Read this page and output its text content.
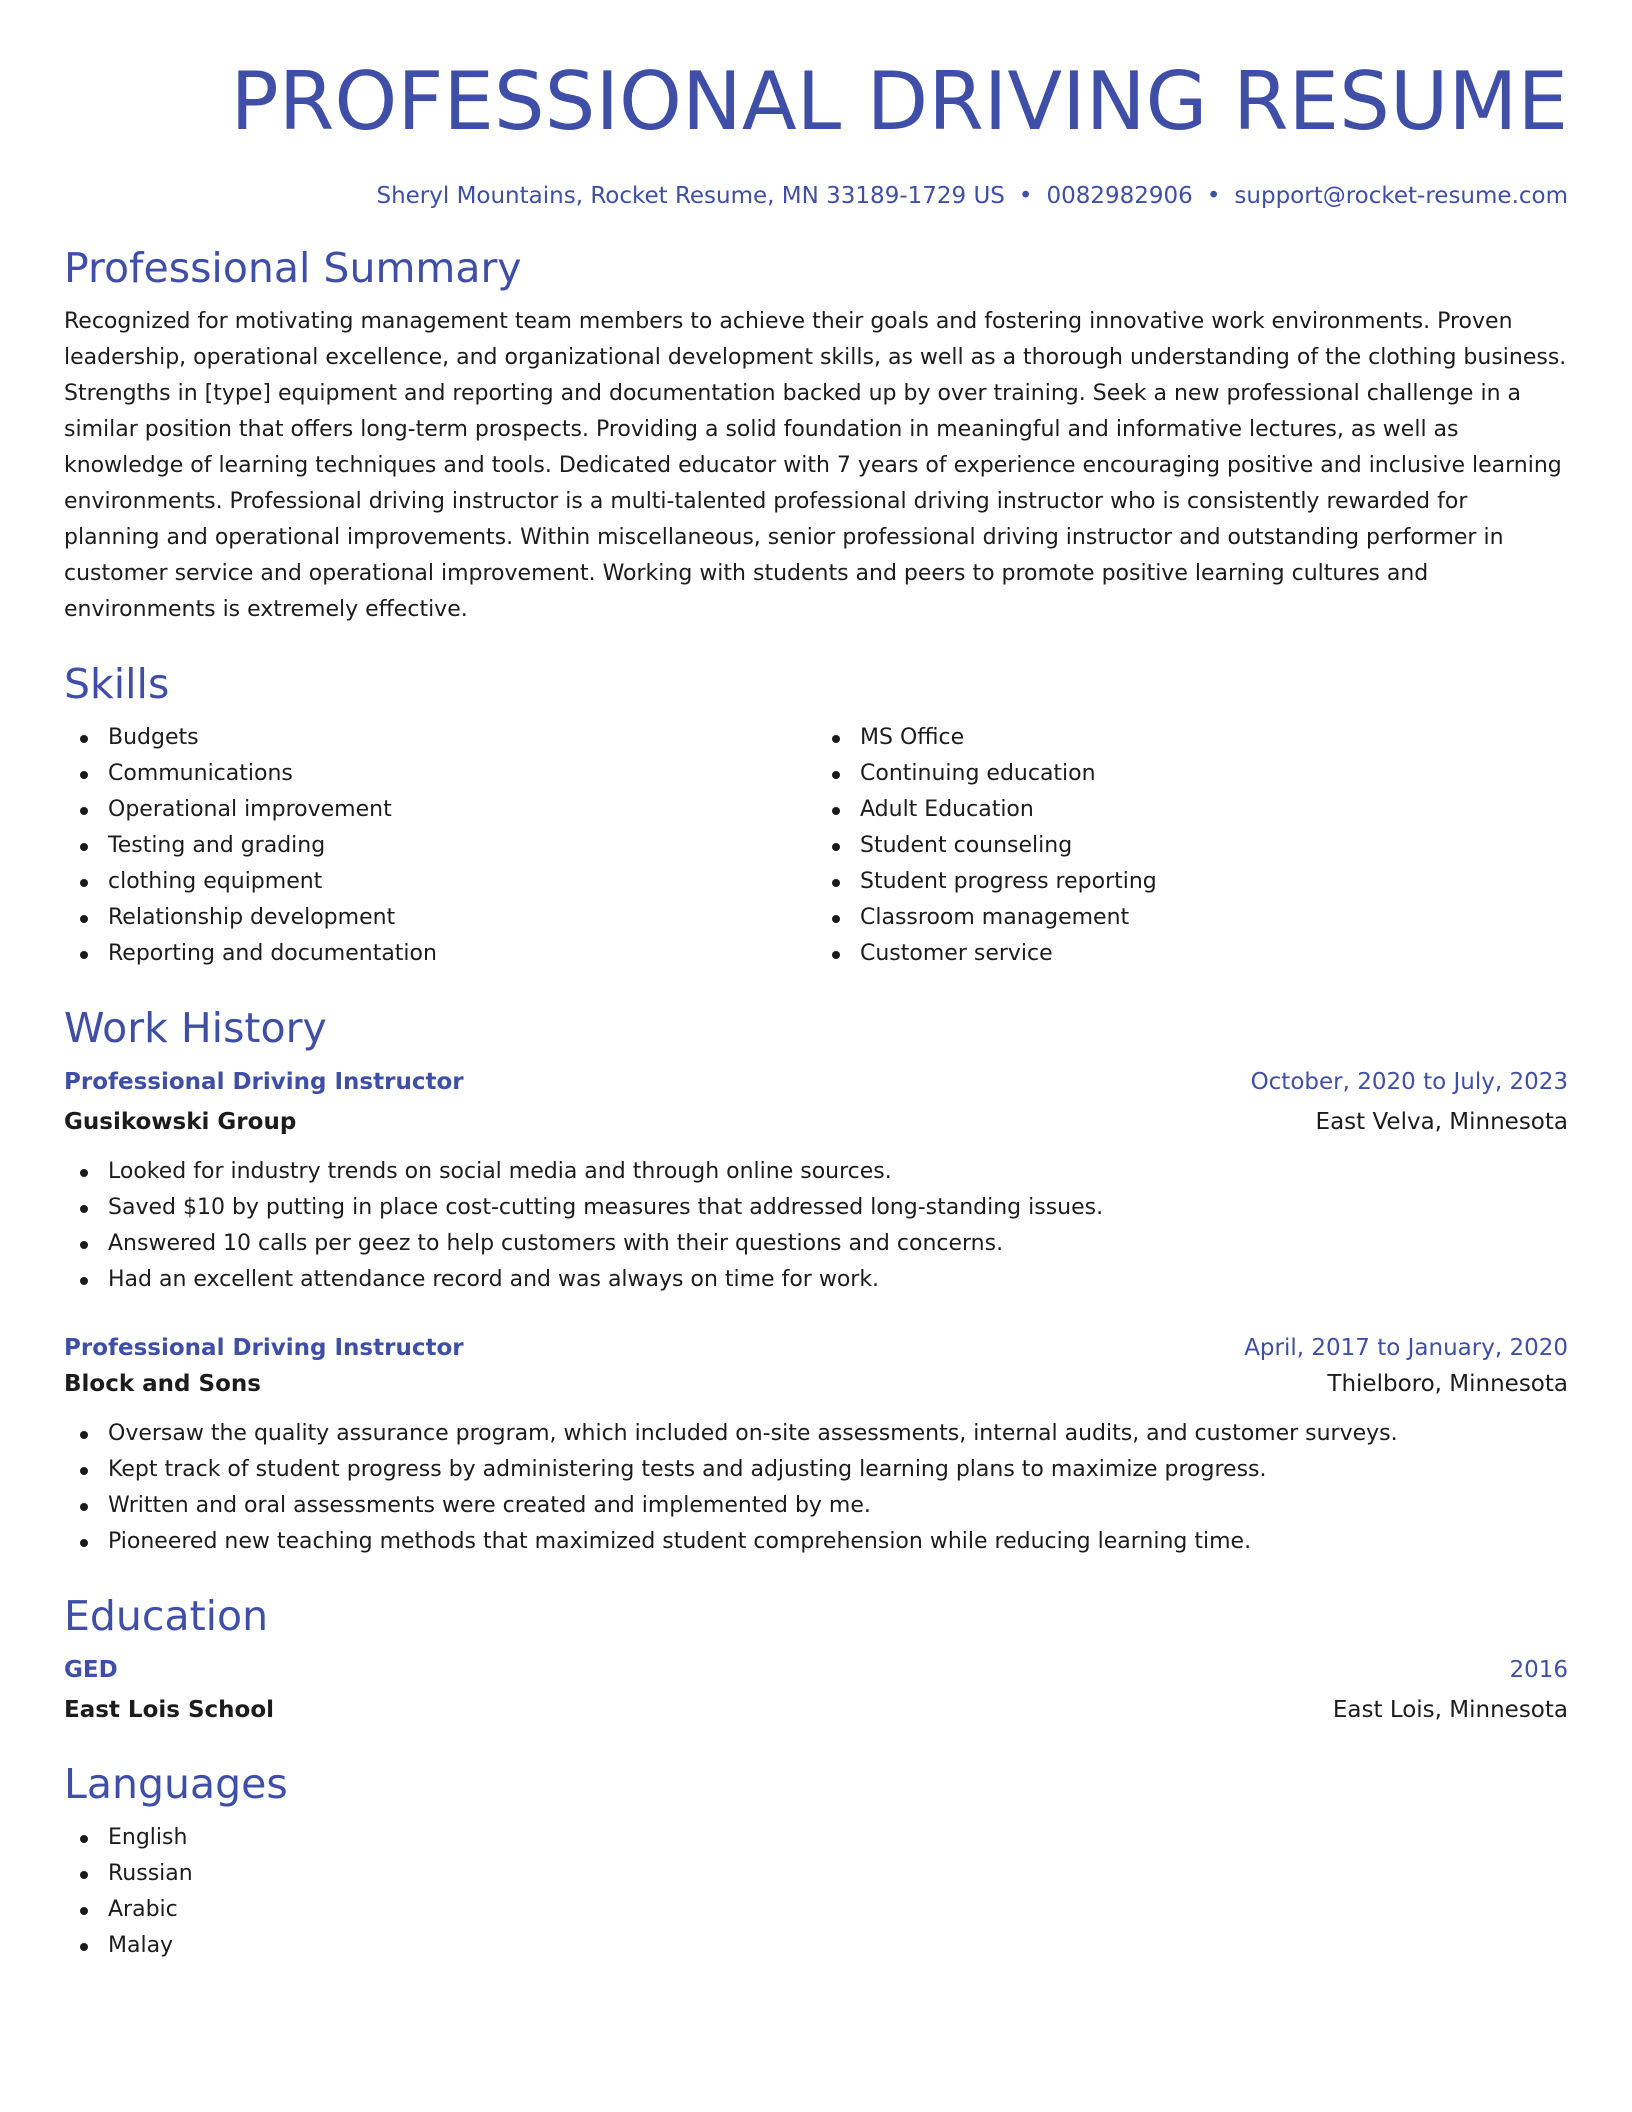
PROFESSIONAL DRIVING RESUME
Sheryl Mountains, Rocket Resume, MN 33189-1729 US • 0082982906 • support@rocket-resume.com
Professional Summary

Recognized for motivating management team members to achieve their goals and fostering innovative work environments. Proven leadership, operational excellence, and organizational development skills, as well as a thorough understanding of the clothing business. Strengths in [type] equipment and reporting and documentation backed up by over training. Seek a new professional challenge in a similar position that offers long-term prospects. Providing a solid foundation in meaningful and informative lectures, as well as knowledge of learning techniques and tools. Dedicated educator with 7 years of experience encouraging positive and inclusive learning environments. Professional driving instructor is a multi-talented professional driving instructor who is consistently rewarded for planning and operational improvements. Within miscellaneous, senior professional driving instructor and outstanding performer in customer service and operational improvement. Working with students and peers to promote positive learning cultures and environments is extremely effective.

Skills
Budgets
Communications
Operational improvement
Testing and grading
clothing equipment
Relationship development
Reporting and documentation
MS Office
Continuing education
Adult Education
Student counseling
Student progress reporting
Classroom management
Customer service
Work History
Professional Driving Instructor	October, 2020 to July, 2023
Gusikowski Group	East Velva, Minnesota
Looked for industry trends on social media and through online sources.
Saved $10 by putting in place cost-cutting measures that addressed long-standing issues.
Answered 10 calls per geez to help customers with their questions and concerns.
Had an excellent attendance record and was always on time for work.
Professional Driving Instructor	April, 2017 to January, 2020
Block and Sons	Thielboro, Minnesota
Oversaw the quality assurance program, which included on-site assessments, internal audits, and customer surveys.
Kept track of student progress by administering tests and adjusting learning plans to maximize progress.
Written and oral assessments were created and implemented by me.
Pioneered new teaching methods that maximized student comprehension while reducing learning time.
Education
GED	2016
East Lois School	East Lois, Minnesota
Languages
English
Russian
Arabic
Malay
